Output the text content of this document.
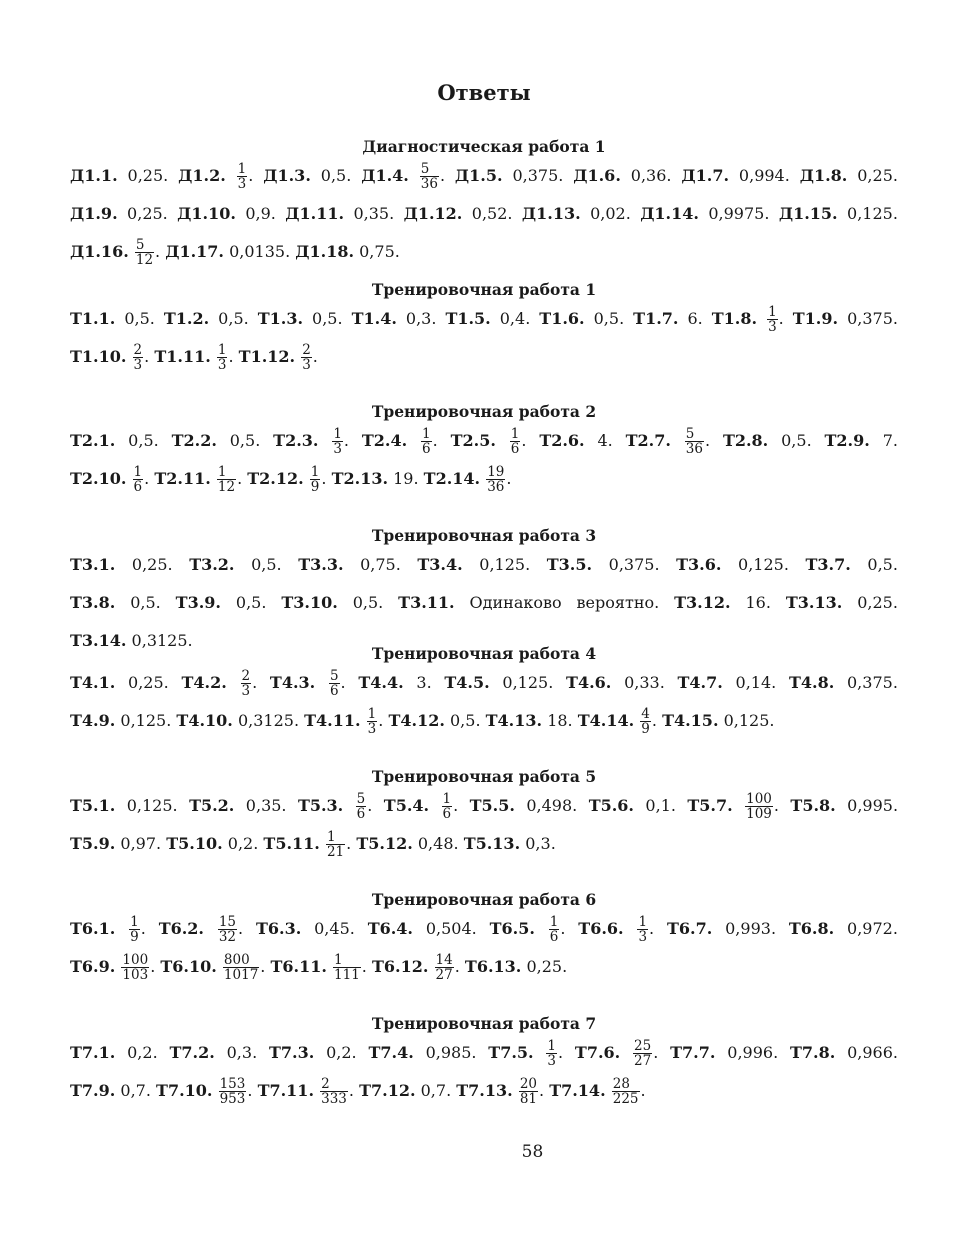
Ответы
Диагностическая работа 1
Д1.1. 0,25. Д1.2. $\frac{1}{3}$ . Д1.3. 0,5. Д1.4. $\frac{5}{36}$ . Д1.5. 0,375. Д1.6. 0,36. Д1.7. 0,994. Д1.8. 0,25.
Д1.9. 0,25. Д1.10. 0,9. Д1.11. 0,35. Д1.12. 0,52. Д1.13. 0,02. Д1.14. 0,9975. Д1.15. 0,125.
Д1.16. $\frac{5}{12}$ . Д1.17. 0,0135. Д1.18. 0,75.
Тренировочная работа 1
Т1.1. 0,5. Т1.2. 0,5. Т1.3. 0,5. Т1.4. 0,3. Т1.5. 0,4. Т1.6. 0,5. Т1.7. 6. Т1.8. $\frac{1}{3}$ . Т1.9. 0,375.
Т1.10. $\frac{2}{3}$ . Т1.11. $\frac{1}{3}$ . Т1.12. $\frac{2}{3}$ .
Тренировочная работа 2
Т2.1. 0,5. Т2.2. 0,5. Т2.3. $\frac{1}{3}$ . Т2.4. $\frac{1}{6}$ . Т2.5. $\frac{1}{6}$ . Т2.6. 4. Т2.7. $\frac{5}{36}$ . Т2.8. 0,5. Т2.9. 7.
Т2.10. $\frac{1}{6}$ . Т2.11. $\frac{1}{12}$ . Т2.12. $\frac{1}{9}$ . Т2.13. 19. Т2.14. $\frac{19}{36}$ .
Тренировочная работа 3
Т3.1. 0,25. Т3.2. 0,5. Т3.3. 0,75. Т3.4. 0,125. Т3.5. 0,375. Т3.6. 0,125. Т3.7. 0,5.
Т3.8. 0,5. Т3.9. 0,5. Т3.10. 0,5. Т3.11. Одинаково вероятно. Т3.12. 16. Т3.13. 0,25.
Т3.14. 0,3125.
Тренировочная работа 4
Т4.1. 0,25. Т4.2. $\frac{2}{3}$ . Т4.3. $\frac{5}{6}$ . Т4.4. 3. Т4.5. 0,125. Т4.6. 0,33. Т4.7. 0,14. Т4.8. 0,375.
Т4.9. 0,125. Т4.10. 0,3125. Т4.11. $\frac{1}{3}$ . Т4.12. 0,5. Т4.13. 18. Т4.14. $\frac{4}{9}$ . Т4.15. 0,125.
Тренировочная работа 5
Т5.1. 0,125. Т5.2. 0,35. Т5.3. $\frac{5}{6}$ . Т5.4. $\frac{1}{6}$ . Т5.5. 0,498. Т5.6. 0,1. Т5.7. $\frac{100}{109}$ . Т5.8. 0,995.
Т5.9. 0,97. Т5.10. 0,2. Т5.11. $\frac{1}{21}$ . Т5.12. 0,48. Т5.13. 0,3.
Тренировочная работа 6
Т6.1. $\frac{1}{9}$ . Т6.2. $\frac{15}{32}$ . Т6.3. 0,45. Т6.4. 0,504. Т6.5. $\frac{1}{6}$ . Т6.6. $\frac{1}{3}$ . Т6.7. 0,993. Т6.8. 0,972.
Т6.9. $\frac{100}{103}$ . Т6.10. $\frac{800}{1017}$ . Т6.11. $\frac{1}{111}$ . Т6.12. $\frac{14}{27}$ . Т6.13. 0,25.
Тренировочная работа 7
Т7.1. 0,2. Т7.2. 0,3. Т7.3. 0,2. Т7.4. 0,985. Т7.5. $\frac{1}{3}$ . Т7.6. $\frac{25}{27}$ . Т7.7. 0,996. Т7.8. 0,966.
Т7.9. 0,7. Т7.10. $\frac{153}{953}$ . Т7.11. $\frac{2}{333}$ . Т7.12. 0,7. Т7.13. $\frac{20}{81}$ . Т7.14. $\frac{28}{225}$ .
58
